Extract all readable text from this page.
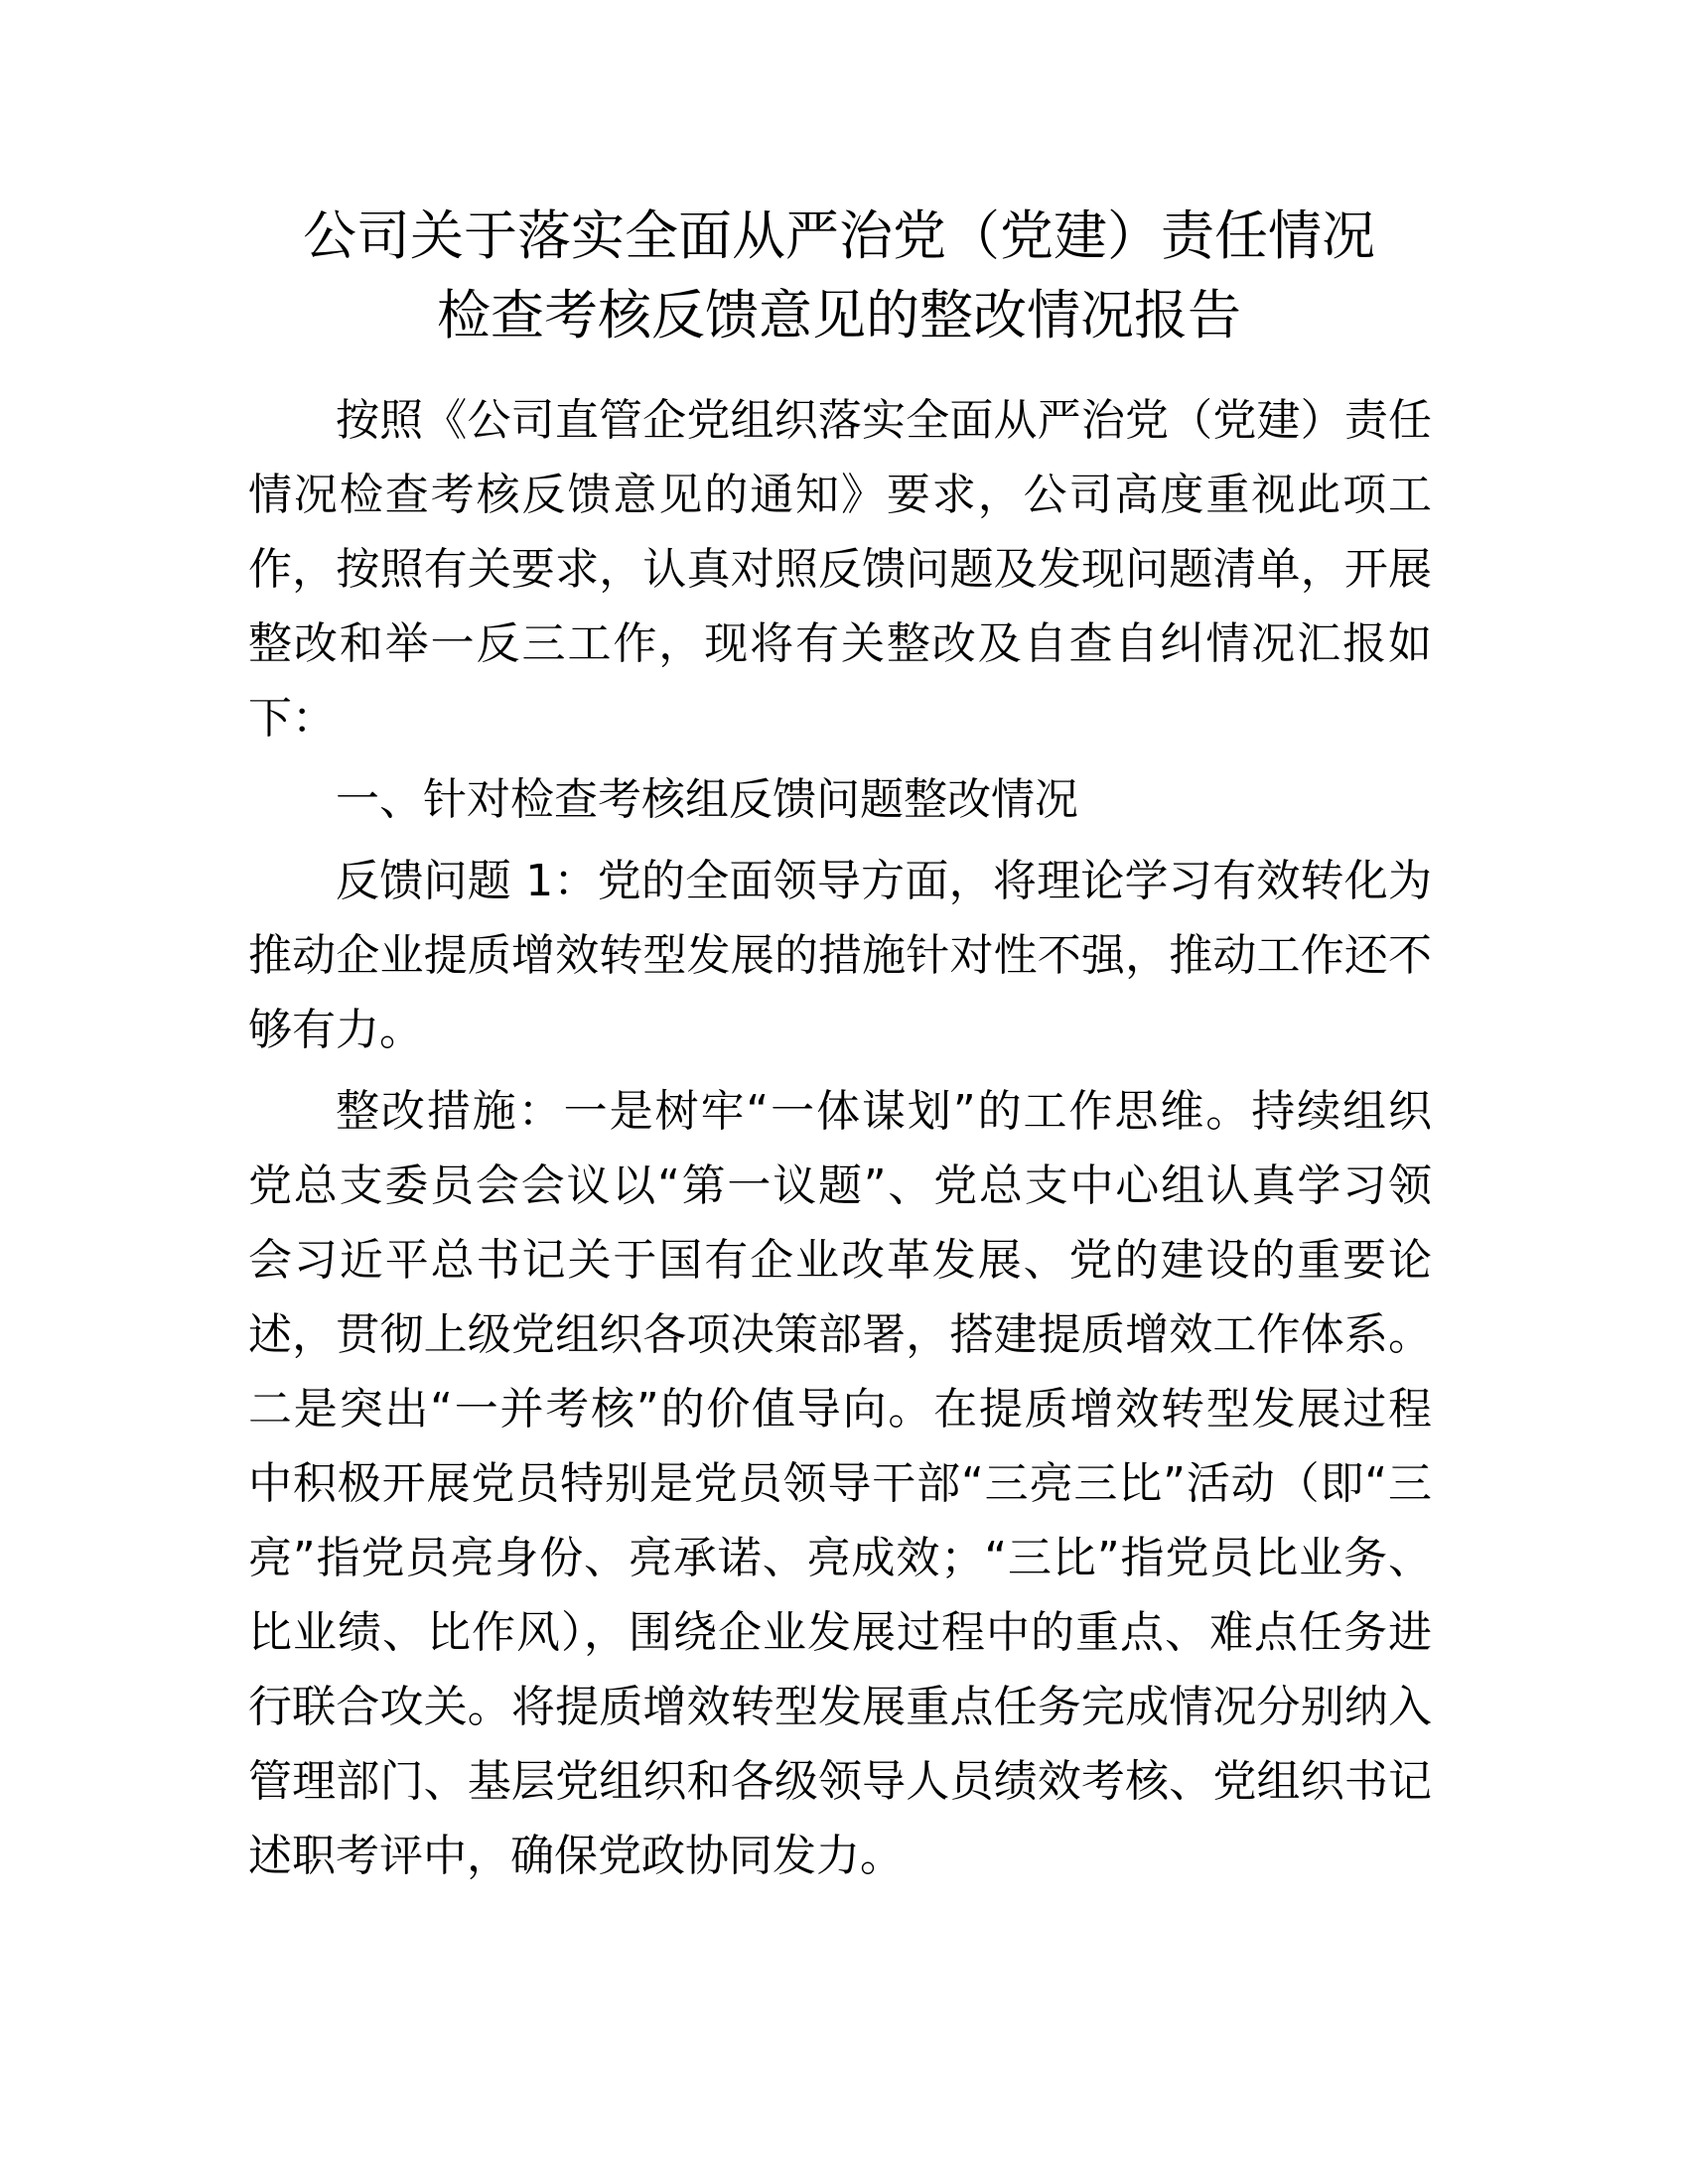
公司关于落实全面从严治党（党建）责任情况
检查考核反馈意见的整改情况报告
按照《公司直管企党组织落实全面从严治党（党建）责任
情况检查考核反馈意见的通知》要求，公司高度重视此项工
作，按照有关要求，认真对照反馈问题及发现问题清单，开展
整改和举一反三工作，现将有关整改及自查自纠情况汇报如
下：
一、针对检查考核组反馈问题整改情况
反馈问题 1：党的全面领导方面，将理论学习有效转化为
推动企业提质增效转型发展的措施针对性不强，推动工作还不
够有力。
整改措施：一是树牢“一体谋划”的工作思维。持续组织
党总支委员会会议以“第一议题”、党总支中心组认真学习领
会习近平总书记关于国有企业改革发展、党的建设的重要论
述，贯彻上级党组织各项决策部署，搭建提质增效工作体系。
二是突出“一并考核”的价值导向。在提质增效转型发展过程
中积极开展党员特别是党员领导干部“三亮三比”活动（即“三
亮”指党员亮身份、亮承诺、亮成效；“三比”指党员比业务、
比业绩、比作风），围绕企业发展过程中的重点、难点任务进
行联合攻关。将提质增效转型发展重点任务完成情况分别纳入
管理部门、基层党组织和各级领导人员绩效考核、党组织书记
述职考评中，确保党政协同发力。
